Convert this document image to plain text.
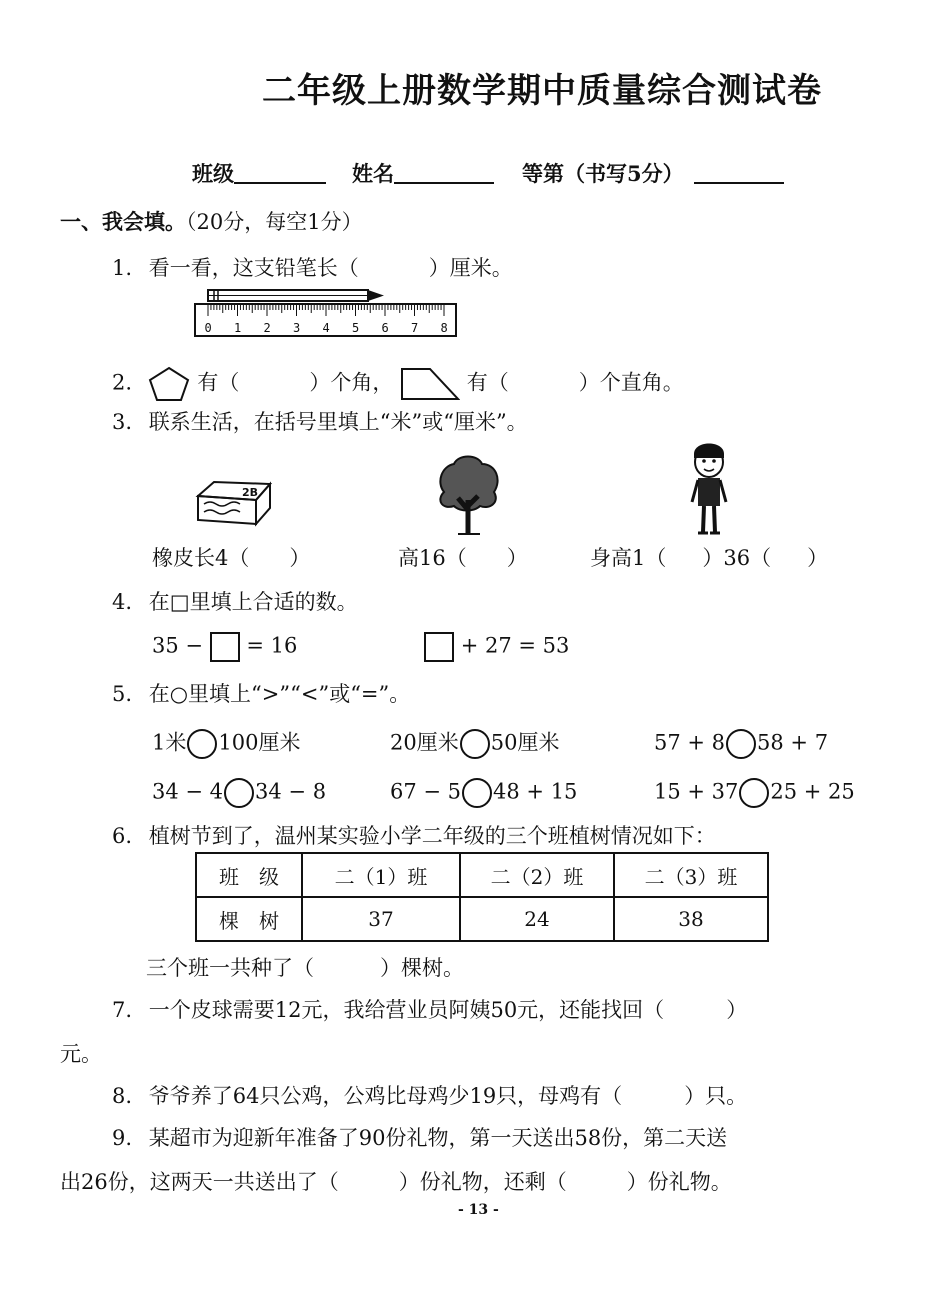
二年级上册数学期中质量综合测试卷
班级	姓名	等第（书写5分）
一、我会填。（20分，每空1分）
1. 看一看，这支铅笔长（	）厘米。
0 1 2 3 4 5 6 7 8
2.	有（	）个角，	有（	）个直角。
3. 联系生活，在括号里填上“米”或“厘米”。
2B
橡皮长4（ ）	高16（ ）	身高1（ ）36（ ）
4. 在□里填上合适的数。
35 − = 16	+ 27 = 53
5. 在○里填上“>”“<”或“=”。
1米 100厘米	20厘米 50厘米	57 + 8 58 + 7
34 − 4 34 − 8	67 − 5 48 + 15	15 + 37 25 + 25
6. 植树节到了，温州某实验小学二年级的三个班植树情况如下：
班　级	二（1）班	二（2）班	二（3）班
棵　树	37	24	38
三个班一共种了（	）棵树。
7. 一个皮球需要12元，我给营业员阿姨50元，还能找回（	）
元。
8. 爷爷养了64只公鸡，公鸡比母鸡少19只，母鸡有（	）只。
9. 某超市为迎新年准备了90份礼物，第一天送出58份，第二天送
出26份，这两天一共送出了（	）份礼物，还剩（	）份礼物。
- 13 -
